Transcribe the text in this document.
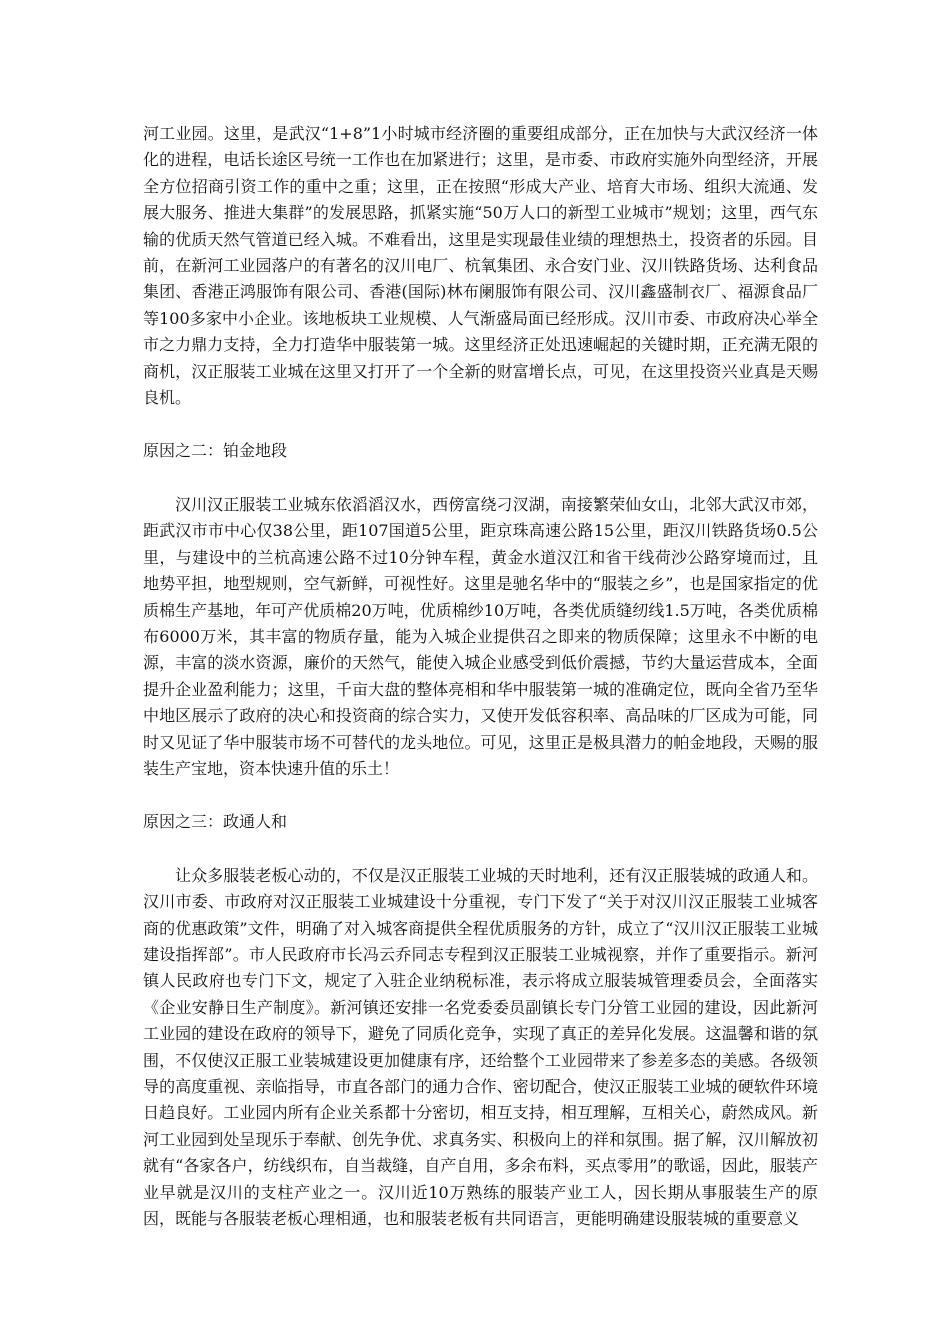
河工业园。这里，是武汉“1+8”1小时城市经济圈的重要组成部分，正在加快与大武汉经济一体化的进程，电话长途区号统一工作也在加紧进行；这里，是市委、市政府实施外向型经济，开展全方位招商引资工作的重中之重；这里，正在按照“形成大产业、培育大市场、组织大流通、发展大服务、推进大集群”的发展思路，抓紧实施“50万人口的新型工业城市”规划；这里，西气东输的优质天然气管道已经入城。不难看出，这里是实现最佳业绩的理想热土，投资者的乐园。目前，在新河工业园落户的有著名的汉川电厂、杭氧集团、永合安门业、汉川铁路货场、达利食品集团、香港正鸿服饰有限公司、香港(国际)林布阑服饰有限公司、汉川鑫盛制衣厂、福源食品厂等100多家中小企业。该地板块工业规模、人气渐盛局面已经形成。汉川市委、市政府决心举全市之力鼎力支持，全力打造华中服装第一城。这里经济正处迅速崛起的关键时期，正充满无限的商机，汉正服装工业城在这里又打开了一个全新的财富增长点，可见，在这里投资兴业真是天赐良机。

原因之二：铂金地段

汉川汉正服装工业城东依滔滔汉水，西傍富绕刁汊湖，南接繁荣仙女山，北邻大武汉市郊，距武汉市市中心仅38公里，距107国道5公里，距京珠高速公路15公里，距汉川铁路货场0.5公里，与建设中的兰杭高速公路不过10分钟车程，黄金水道汉江和省干线荷沙公路穿境而过，且地势平担，地型规则，空气新鲜，可视性好。这里是驰名华中的“服装之乡”，也是国家指定的优质棉生产基地，年可产优质棉20万吨，优质棉纱10万吨，各类优质缝纫线1.5万吨，各类优质棉布6000万米，其丰富的物质存量，能为入城企业提供召之即来的物质保障；这里永不中断的电源，丰富的淡水资源，廉价的天然气，能使入城企业感受到低价震撼，节约大量运营成本，全面提升企业盈利能力；这里，千亩大盘的整体亮相和华中服装第一城的准确定位，既向全省乃至华中地区展示了政府的决心和投资商的综合实力，又使开发低容积率、高品味的厂区成为可能，同时又见证了华中服装市场不可替代的龙头地位。可见，这里正是极具潜力的帕金地段，天赐的服装生产宝地，资本快速升值的乐土！

原因之三：政通人和

让众多服装老板心动的，不仅是汉正服装工业城的天时地利，还有汉正服装城的政通人和。汉川市委、市政府对汉正服装工业城建设十分重视，专门下发了“关于对汉川汉正服装工业城客商的优惠政策”文件，明确了对入城客商提供全程优质服务的方针，成立了“汉川汉正服装工业城建设指挥部”。市人民政府市长冯云乔同志专程到汉正服装工业城视察，并作了重要指示。新河镇人民政府也专门下文，规定了入驻企业纳税标准，表示将成立服装城管理委员会，全面落实《企业安静日生产制度》。新河镇还安排一名党委委员副镇长专门分管工业园的建设，因此新河工业园的建设在政府的领导下，避免了同质化竞争，实现了真正的差异化发展。这温馨和谐的氛围，不仅使汉正服工业装城建设更加健康有序，还给整个工业园带来了参差多态的美感。各级领导的高度重视、亲临指导，市直各部门的通力合作、密切配合，使汉正服装工业城的硬软件环境日趋良好。工业园内所有企业关系都十分密切，相互支持，相互理解，互相关心，蔚然成风。新河工业园到处呈现乐于奉献、创先争优、求真务实、积极向上的祥和氛围。据了解，汉川解放初就有“各家各户，纺线织布，自当裁缝，自产自用，多余布料，买点零用”的歌谣，因此，服装产业早就是汉川的支柱产业之一。汉川近10万熟练的服装产业工人，因长期从事服装生产的原因，既能与各服装老板心理相通，也和服装老板有共同语言，更能明确建设服装城的重要意义
